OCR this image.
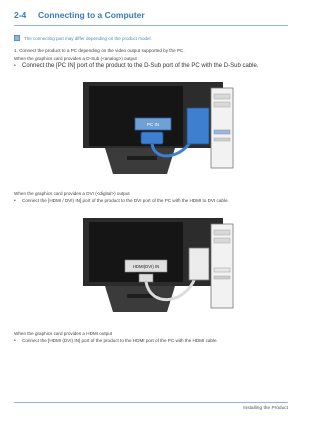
2-4	Connecting to a Computer
The connecting part may differ depending on the product model.
1. Connect the product to a PC depending on the video output supported by the PC.
When the graphics card provides a D-Sub (<analog>) output
•	Connect the [PC IN] port of the product to the D-Sub port of the PC with the D-Sub cable.
PC IN
When the graphics card provides a DVI (<digital>) output
•	Connect the [HDMI / DVI) IN] port of the product to the DVI port of the PC with the HDMI to DVI cable.
HDMI(DVI) IN
When the graphics card provides a HDMI output
•	Connect the [HDMI (DVI) IN] port of the product to the HDMI port of the PC with the HDMI cable.
Installing the Product
